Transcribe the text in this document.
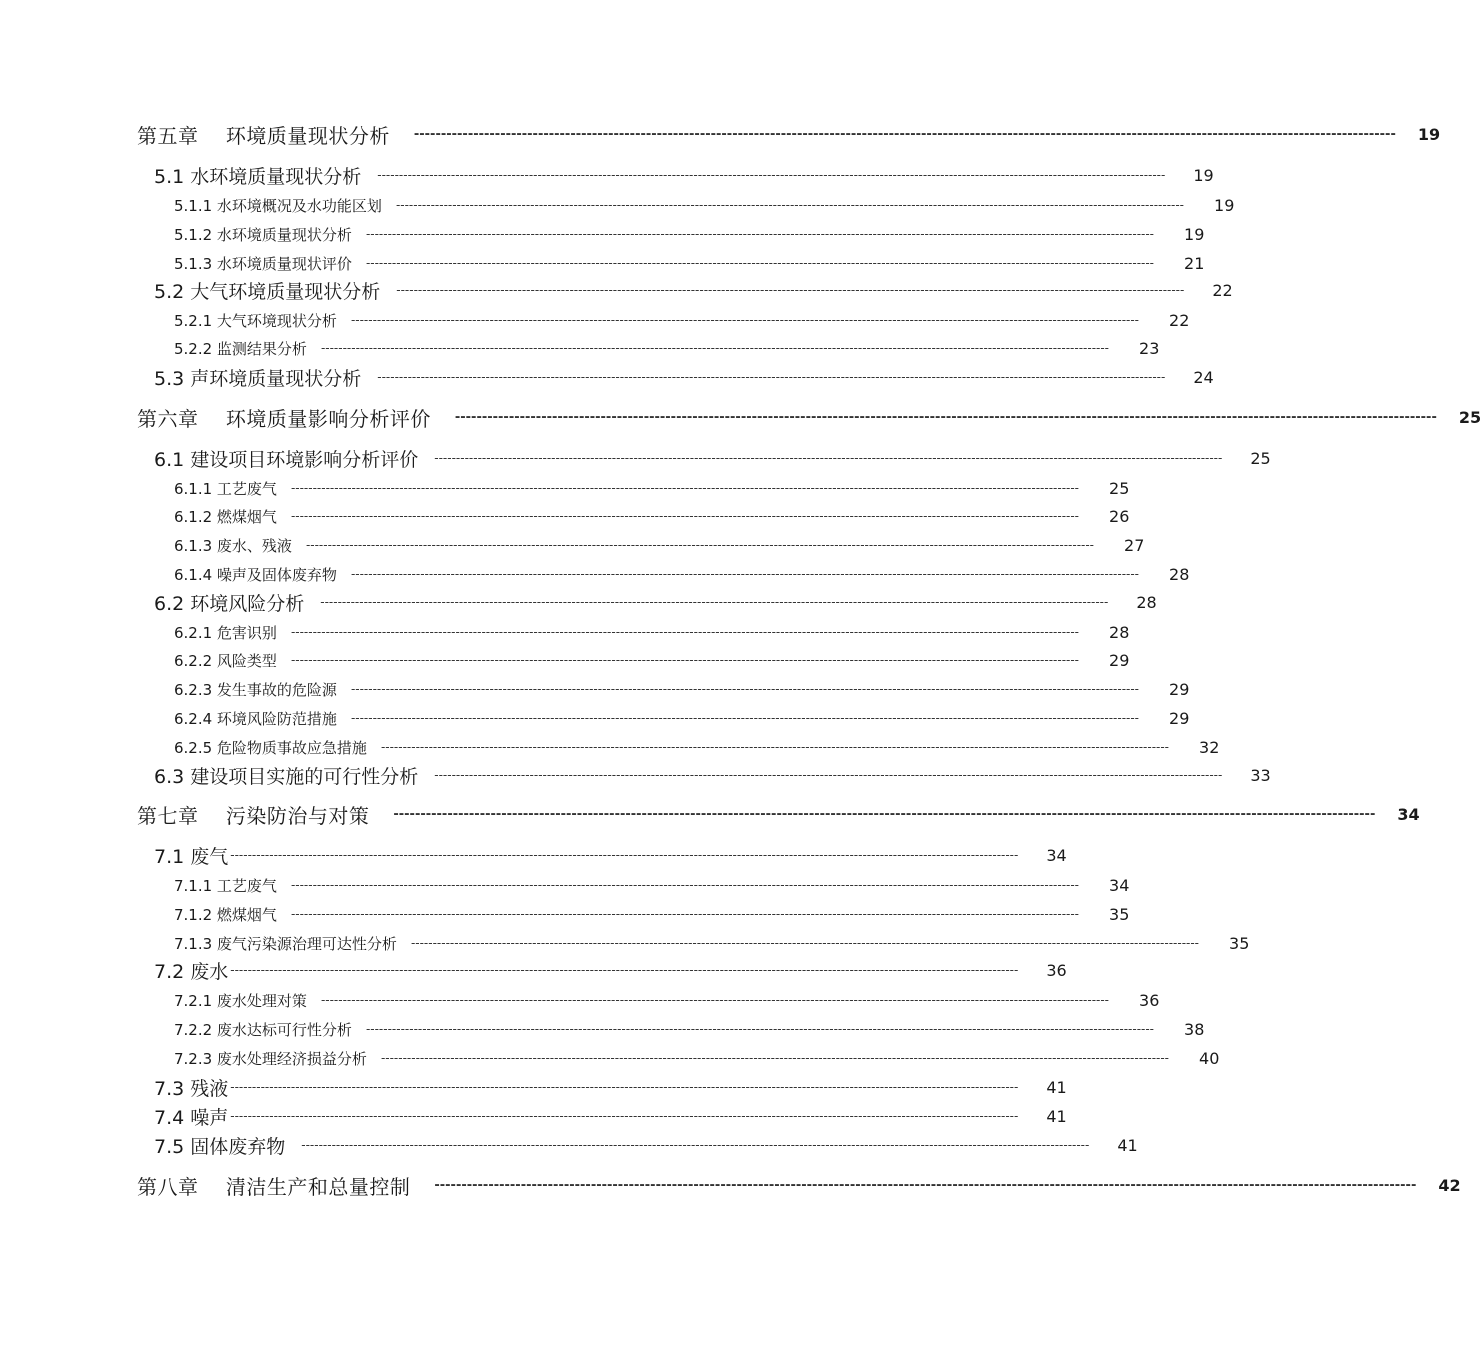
第五章　 环境质量现状分析 -------------------------------------------------------------------------------------------------------------------------------------------------------------------------------------- 19
5.1 水环境质量现状分析 -------------------------------------------------------------------------------------------------------------------------------------------------------------------------------------- 19
5.1.1 水环境概况及水功能区划 -------------------------------------------------------------------------------------------------------------------------------------------------------------------------------------- 19
5.1.2 水环境质量现状分析 -------------------------------------------------------------------------------------------------------------------------------------------------------------------------------------- 19
5.1.3 水环境质量现状评价 -------------------------------------------------------------------------------------------------------------------------------------------------------------------------------------- 21
5.2 大气环境质量现状分析 -------------------------------------------------------------------------------------------------------------------------------------------------------------------------------------- 22
5.2.1 大气环境现状分析 -------------------------------------------------------------------------------------------------------------------------------------------------------------------------------------- 22
5.2.2 监测结果分析 -------------------------------------------------------------------------------------------------------------------------------------------------------------------------------------- 23
5.3 声环境质量现状分析 -------------------------------------------------------------------------------------------------------------------------------------------------------------------------------------- 24
第六章　 环境质量影响分析评价 -------------------------------------------------------------------------------------------------------------------------------------------------------------------------------------- 25
6.1 建设项目环境影响分析评价 -------------------------------------------------------------------------------------------------------------------------------------------------------------------------------------- 25
6.1.1 工艺废气 -------------------------------------------------------------------------------------------------------------------------------------------------------------------------------------- 25
6.1.2 燃煤烟气 -------------------------------------------------------------------------------------------------------------------------------------------------------------------------------------- 26
6.1.3 废水、残液 -------------------------------------------------------------------------------------------------------------------------------------------------------------------------------------- 27
6.1.4 噪声及固体废弃物 -------------------------------------------------------------------------------------------------------------------------------------------------------------------------------------- 28
6.2 环境风险分析 -------------------------------------------------------------------------------------------------------------------------------------------------------------------------------------- 28
6.2.1 危害识别 -------------------------------------------------------------------------------------------------------------------------------------------------------------------------------------- 28
6.2.2 风险类型 -------------------------------------------------------------------------------------------------------------------------------------------------------------------------------------- 29
6.2.3 发生事故的危险源 -------------------------------------------------------------------------------------------------------------------------------------------------------------------------------------- 29
6.2.4 环境风险防范措施 -------------------------------------------------------------------------------------------------------------------------------------------------------------------------------------- 29
6.2.5 危险物质事故应急措施 -------------------------------------------------------------------------------------------------------------------------------------------------------------------------------------- 32
6.3 建设项目实施的可行性分析 -------------------------------------------------------------------------------------------------------------------------------------------------------------------------------------- 33
第七章　 污染防治与对策 -------------------------------------------------------------------------------------------------------------------------------------------------------------------------------------- 34
7.1 废气 -------------------------------------------------------------------------------------------------------------------------------------------------------------------------------------- 34
7.1.1 工艺废气 -------------------------------------------------------------------------------------------------------------------------------------------------------------------------------------- 34
7.1.2 燃煤烟气 -------------------------------------------------------------------------------------------------------------------------------------------------------------------------------------- 35
7.1.3 废气污染源治理可达性分析 -------------------------------------------------------------------------------------------------------------------------------------------------------------------------------------- 35
7.2 废水 -------------------------------------------------------------------------------------------------------------------------------------------------------------------------------------- 36
7.2.1 废水处理对策 -------------------------------------------------------------------------------------------------------------------------------------------------------------------------------------- 36
7.2.2 废水达标可行性分析 -------------------------------------------------------------------------------------------------------------------------------------------------------------------------------------- 38
7.2.3 废水处理经济损益分析 -------------------------------------------------------------------------------------------------------------------------------------------------------------------------------------- 40
7.3 残液 -------------------------------------------------------------------------------------------------------------------------------------------------------------------------------------- 41
7.4 噪声 -------------------------------------------------------------------------------------------------------------------------------------------------------------------------------------- 41
7.5 固体废弃物 -------------------------------------------------------------------------------------------------------------------------------------------------------------------------------------- 41
第八章　 清洁生产和总量控制 -------------------------------------------------------------------------------------------------------------------------------------------------------------------------------------- 42
